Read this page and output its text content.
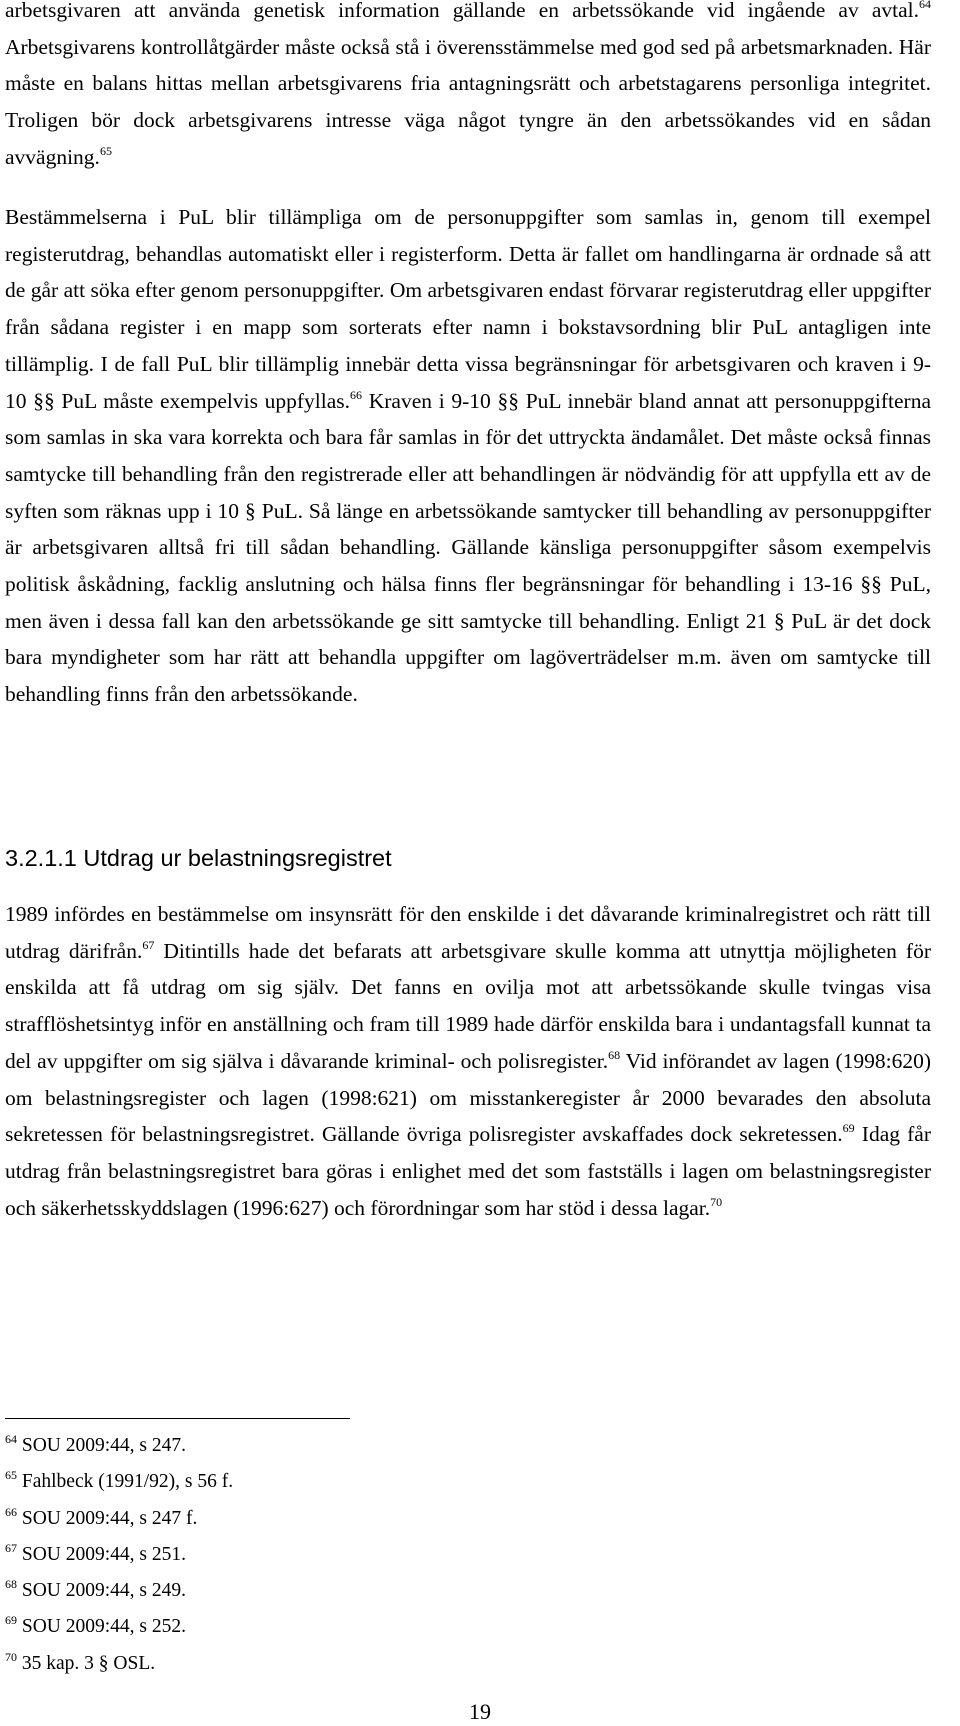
arbetsgivaren att använda genetisk information gällande en arbetssökande vid ingående av avtal.$^{64}$ Arbetsgivarens kontrollåtgärder måste också stå i överensstämmelse med god sed på arbetsmarknaden. Här måste en balans hittas mellan arbetsgivarens fria antagningsrätt och arbetstagarens personliga integritet. Troligen bör dock arbetsgivarens intresse väga något tyngre än den arbetssökandes vid en sådan avvägning.$^{65}$

Bestämmelserna i PuL blir tillämpliga om de personuppgifter som samlas in, genom till exempel registerutdrag, behandlas automatiskt eller i registerform. Detta är fallet om handlingarna är ordnade så att de går att söka efter genom personuppgifter. Om arbetsgivaren endast förvarar registerutdrag eller uppgifter från sådana register i en mapp som sorterats efter namn i bokstavsordning blir PuL antagligen inte tillämplig. I de fall PuL blir tillämplig innebär detta vissa begränsningar för arbetsgivaren och kraven i 9-10 §§ PuL måste exempelvis uppfyllas.$^{66}$ Kraven i 9-10 §§ PuL innebär bland annat att personuppgifterna som samlas in ska vara korrekta och bara får samlas in för det uttryckta ändamålet. Det måste också finnas samtycke till behandling från den registrerade eller att behandlingen är nödvändig för att uppfylla ett av de syften som räknas upp i 10 § PuL. Så länge en arbetssökande samtycker till behandling av personuppgifter är arbetsgivaren alltså fri till sådan behandling. Gällande känsliga personuppgifter såsom exempelvis politisk åskådning, facklig anslutning och hälsa finns fler begränsningar för behandling i 13-16 §§ PuL, men även i dessa fall kan den arbetssökande ge sitt samtycke till behandling. Enligt 21 § PuL är det dock bara myndigheter som har rätt att behandla uppgifter om lagöverträdelser m.m. även om samtycke till behandling finns från den arbetssökande.

3.2.1.1 Utdrag ur belastningsregistret

1989 infördes en bestämmelse om insynsrätt för den enskilde i det dåvarande kriminalregistret och rätt till utdrag därifrån.$^{67}$ Ditintills hade det befarats att arbetsgivare skulle komma att utnyttja möjligheten för enskilda att få utdrag om sig själv. Det fanns en ovilja mot att arbetssökande skulle tvingas visa strafflöshetsintyg inför en anställning och fram till 1989 hade därför enskilda bara i undantagsfall kunnat ta del av uppgifter om sig själva i dåvarande kriminal- och polisregister.$^{68}$ Vid införandet av lagen (1998:620) om belastningsregister och lagen (1998:621) om misstankeregister år 2000 bevarades den absoluta sekretessen för belastningsregistret. Gällande övriga polisregister avskaffades dock sekretessen.$^{69}$ Idag får utdrag från belastningsregistret bara göras i enlighet med det som fastställs i lagen om belastningsregister och säkerhetsskyddslagen (1996:627) och förordningar som har stöd i dessa lagar.$^{70}$

$^{64}$ SOU 2009:44, s 247.
$^{65}$ Fahlbeck (1991/92), s 56 f.
$^{66}$ SOU 2009:44, s 247 f.
$^{67}$ SOU 2009:44, s 251.
$^{68}$ SOU 2009:44, s 249.
$^{69}$ SOU 2009:44, s 252.
$^{70}$ 35 kap. 3 § OSL.
19
